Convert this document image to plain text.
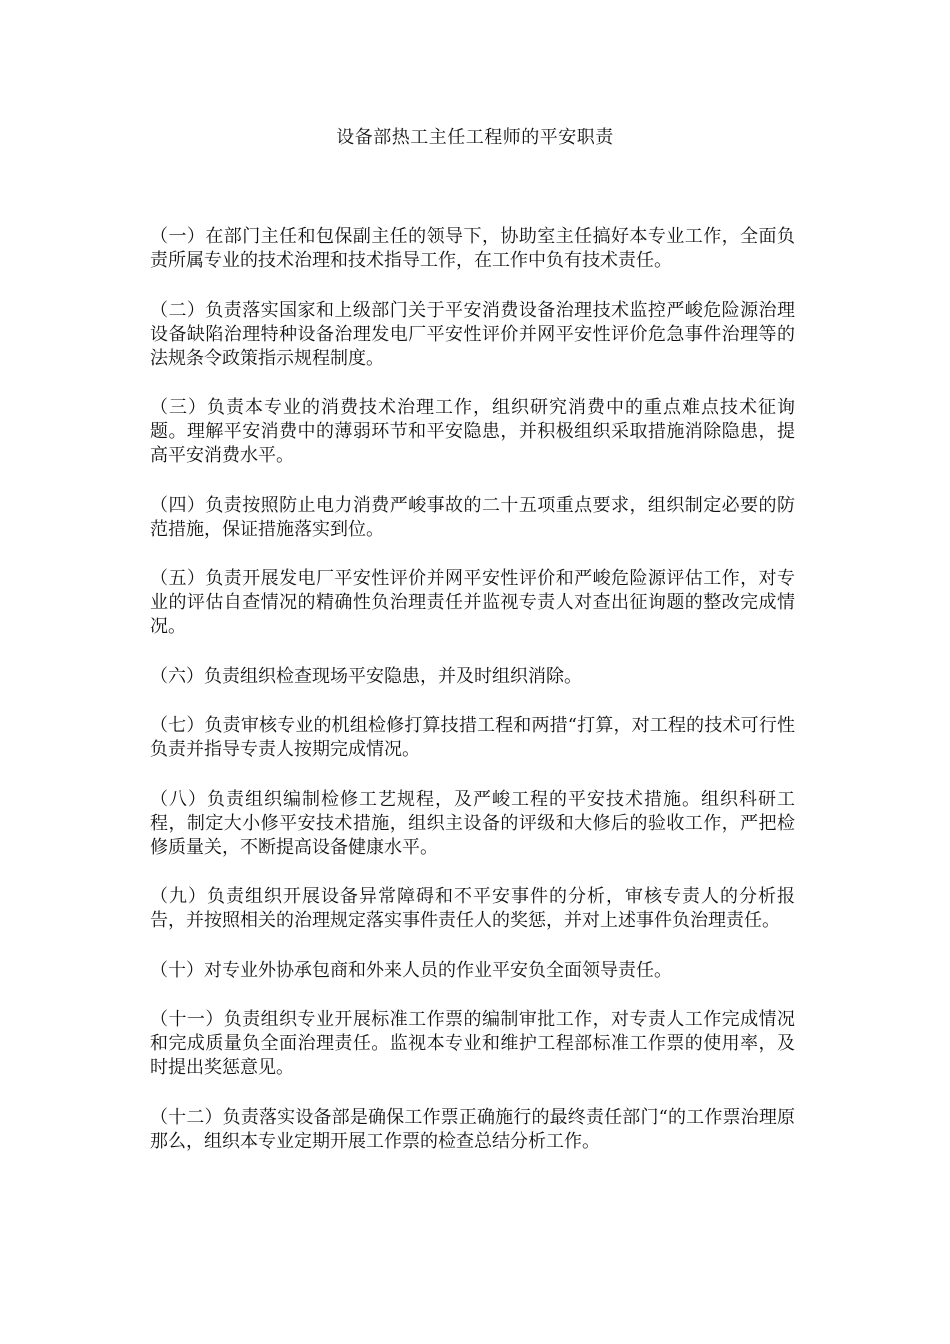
设备部热工主任工程师的平安职责

（一）在部门主任和包保副主任的领导下，协助室主任搞好本专业工作，全面负责所属专业的技术治理和技术指导工作，在工作中负有技术责任。

（二）负责落实国家和上级部门关于平安消费设备治理技术监控严峻危险源治理设备缺陷治理特种设备治理发电厂平安性评价并网平安性评价危急事件治理等的法规条令政策指示规程制度。

（三）负责本专业的消费技术治理工作，组织研究消费中的重点难点技术征询题。理解平安消费中的薄弱环节和平安隐患，并积极组织采取措施消除隐患，提高平安消费水平。

（四）负责按照防止电力消费严峻事故的二十五项重点要求，组织制定必要的防范措施，保证措施落实到位。

（五）负责开展发电厂平安性评价并网平安性评价和严峻危险源评估工作，对专业的评估自查情况的精确性负治理责任并监视专责人对查出征询题的整改完成情况。

（六）负责组织检查现场平安隐患，并及时组织消除。

（七）负责审核专业的机组检修打算技措工程和两措“打算，对工程的技术可行性负责并指导专责人按期完成情况。

（八）负责组织编制检修工艺规程，及严峻工程的平安技术措施。组织科研工程，制定大小修平安技术措施，组织主设备的评级和大修后的验收工作，严把检修质量关，不断提高设备健康水平。

（九）负责组织开展设备异常障碍和不平安事件的分析，审核专责人的分析报告，并按照相关的治理规定落实事件责任人的奖惩，并对上述事件负治理责任。

（十）对专业外协承包商和外来人员的作业平安负全面领导责任。

（十一）负责组织专业开展标准工作票的编制审批工作，对专责人工作完成情况和完成质量负全面治理责任。监视本专业和维护工程部标准工作票的使用率，及时提出奖惩意见。

（十二）负责落实设备部是确保工作票正确施行的最终责任部门“的工作票治理原那么，组织本专业定期开展工作票的检查总结分析工作。
